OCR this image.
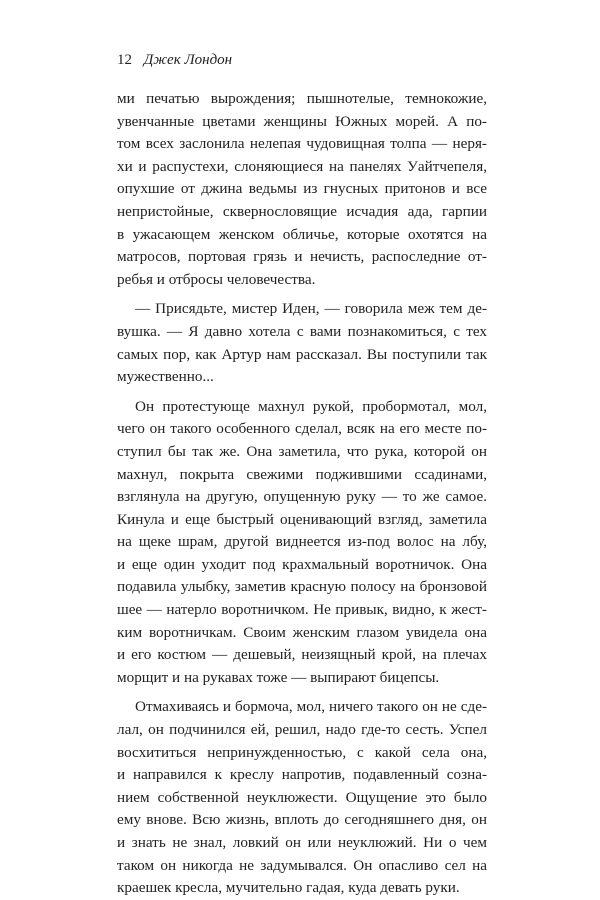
12 Джек Лондон
ми печатью вырождения; пышнотелые, темнокожие,
увенчанные цветами женщины Южных морей. А по-
том всех заслонила нелепая чудовищная толпа — неря-
хи и распустехи, слоняющиеся на панелях Уайтчепеля,
опухшие от джина ведьмы из гнусных притонов и все
непристойные, сквернословящие исчадия ада, гарпии
в ужасающем женском обличье, которые охотятся на
матросов, портовая грязь и нечисть, распоследние от-
ребья и отбросы человечества.
— Присядьте, мистер Иден, — говорила меж тем де-
вушка. — Я давно хотела с вами познакомиться, с тех
самых пор, как Артур нам рассказал. Вы поступили так
мужественно...
Он протестующе махнул рукой, пробормотал, мол,
чего он такого особенного сделал, всяк на его месте по-
ступил бы так же. Она заметила, что рука, которой он
махнул, покрыта свежими поджившими ссадинами,
взглянула на другую, опущенную руку — то же самое.
Кинула и еще быстрый оценивающий взгляд, заметила
на щеке шрам, другой виднеется из-под волос на лбу,
и еще один уходит под крахмальный воротничок. Она
подавила улыбку, заметив красную полосу на бронзовой
шее — натерло воротничком. Не привык, видно, к жест-
ким воротничкам. Своим женским глазом увидела она
и его костюм — дешевый, неизящный крой, на плечах
морщит и на рукавах тоже — выпирают бицепсы.
Отмахиваясь и бормоча, мол, ничего такого он не сде-
лал, он подчинился ей, решил, надо где-то сесть. Успел
восхититься непринужденностью, с какой села она,
и направился к креслу напротив, подавленный созна-
нием собственной неуклюжести. Ощущение это было
ему внове. Всю жизнь, вплоть до сегодняшнего дня, он
и знать не знал, ловкий он или неуклюжий. Ни о чем
таком он никогда не задумывался. Он опасливо сел на
краешек кресла, мучительно гадая, куда девать руки.
